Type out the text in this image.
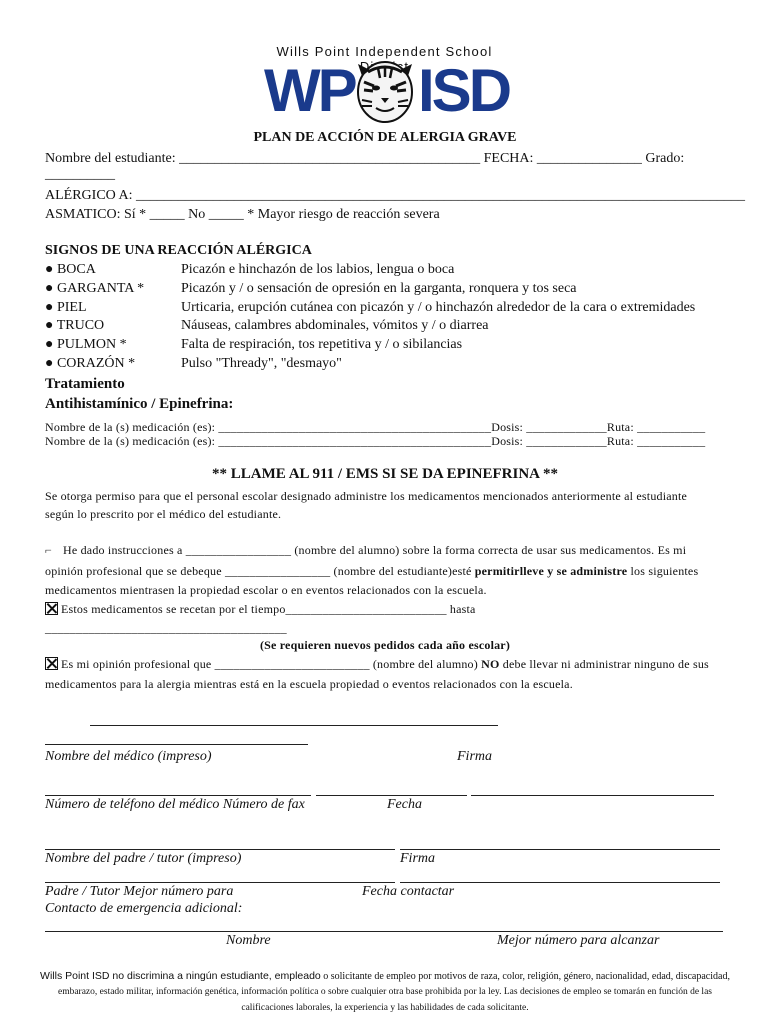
Wills Point Independent School
WP ISD
PLAN DE ACCIÓN DE ALERGIA GRAVE
Nombre del estudiante: ___________________________________________ FECHA: _______________ Grado:
__________
ALÉRGICO A: _______________________________________________________________________________________
ASMATICO: Sí * _____ No _____ * Mayor riesgo de reacción severa
SIGNOS DE UNA REACCIÓN ALÉRGICA
● BOCA	Picazón e hinchazón de los labios, lengua o boca
● GARGANTA *	Picazón y / o sensación de opresión en la garganta, ronquera y tos seca
● PIEL	Urticaria, erupción cutánea con picazón y / o hinchazón alrededor de la cara o extremidades
● TRUCO	Náuseas, calambres abdominales, vómitos y / o diarrea
● PULMON *	Falta de respiración, tos repetitiva y / o sibilancias
● CORAZÓN *	Pulso "Thready", "desmayo"
Tratamiento
Antihistamínico / Epinefrina:
Nombre de la (s) medicación (es): ____________________________________________Dosis: _____________Ruta: ___________
Nombre de la (s) medicación (es): ____________________________________________Dosis: _____________Ruta: ___________
** LLAME AL 911 / EMS SI SE DA EPINEFRINA **
Se otorga permiso para que el personal escolar designado administre los medicamentos mencionados anteriormente al estudiante
según lo prescrito por el médico del estudiante.
⌐ He dado instrucciones a _________________ (nombre del alumno) sobre la forma correcta de usar sus medicamentos. Es mi
opinión profesional que se debeque _________________ (nombre del estudiante)esté permitirlleve y se administre los siguientes
medicamentos mientrasen la propiedad escolar o en eventos relacionados con la escuela.
Estos medicamentos se recetan por el tiempo__________________________ hasta
_______________________________________
(Se requieren nuevos pedidos cada año escolar)
Es mi opinión profesional que _________________________ (nombre del alumno) NO debe llevar ni administrar ninguno de sus
medicamentos para la alergia mientras está en la escuela propiedad o eventos relacionados con la escuela.
Nombre del médico (impreso)	Firma
Número de teléfono del médico Número de fax	Fecha
Nombre del padre / tutor (impreso)	Firma
Padre / Tutor Mejor número para	Fecha contactar
Contacto de emergencia adicional:
Nombre	Mejor número para alcanzar
Wills Point ISD no discrimina a ningún estudiante, empleado o solicitante de empleo por motivos de raza, color, religión, género, nacionalidad, edad, discapacidad,
embarazo, estado militar, información genética, información política o sobre cualquier otra base prohibida por la ley. Las decisiones de empleo se tomarán en función de las
calificaciones laborales, la experiencia y las habilidades de cada solicitante.
